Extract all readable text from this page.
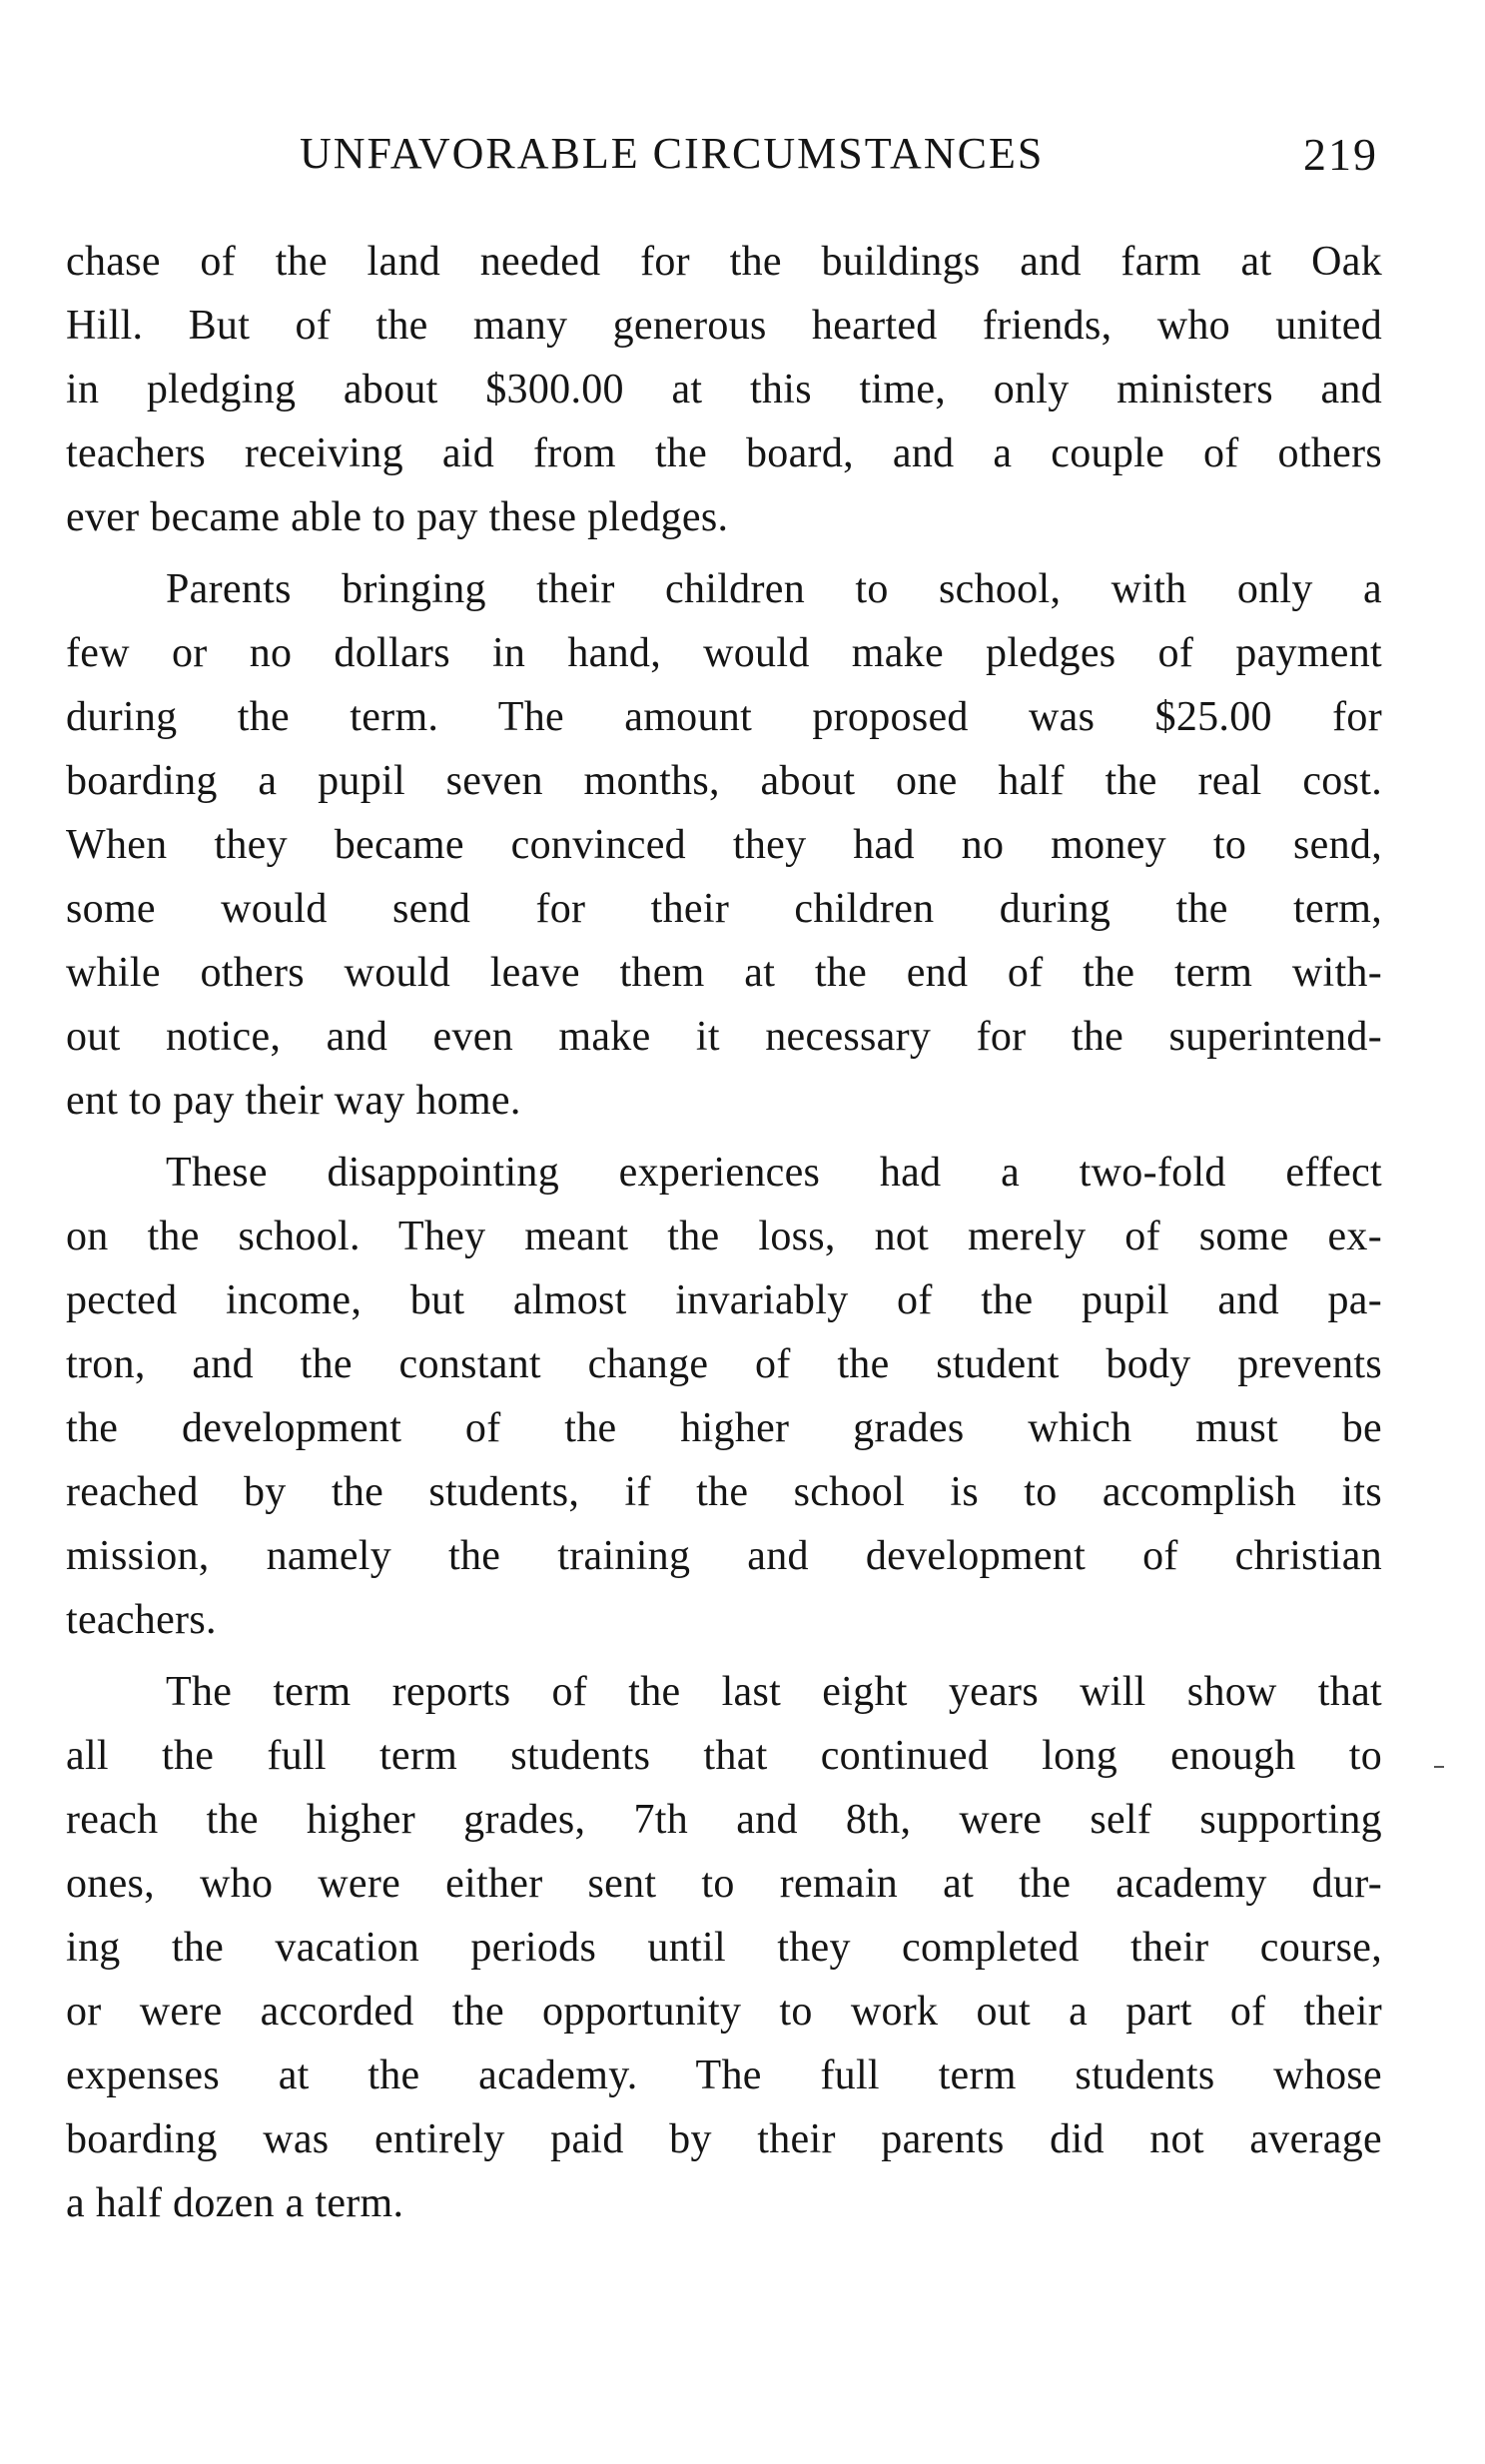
UNFAVORABLE CIRCUMSTANCES	219
chase of the land needed for the buildings and farm at Oak
Hill. But of the many generous hearted friends, who united
in pledging about $300.00 at this time, only ministers and
teachers receiving aid from the board, and a couple of others
ever became able to pay these pledges.
Parents bringing their children to school, with only a
few or no dollars in hand, would make pledges of payment
during the term. The amount proposed was $25.00 for
boarding a pupil seven months, about one half the real cost.
When they became convinced they had no money to send,
some would send for their children during the term,
while others would leave them at the end of the term with-
out notice, and even make it necessary for the superintend-
ent to pay their way home.
These disappointing experiences had a two-fold effect
on the school. They meant the loss, not merely of some ex-
pected income, but almost invariably of the pupil and pa-
tron, and the constant change of the student body prevents
the development of the higher grades which must be
reached by the students, if the school is to accomplish its
mission, namely the training and development of christian
teachers.
The term reports of the last eight years will show that
all the full term students that continued long enough to
reach the higher grades, 7th and 8th, were self supporting
ones, who were either sent to remain at the academy dur-
ing the vacation periods until they completed their course,
or were accorded the opportunity to work out a part of their
expenses at the academy. The full term students whose
boarding was entirely paid by their parents did not average
a half dozen a term.
